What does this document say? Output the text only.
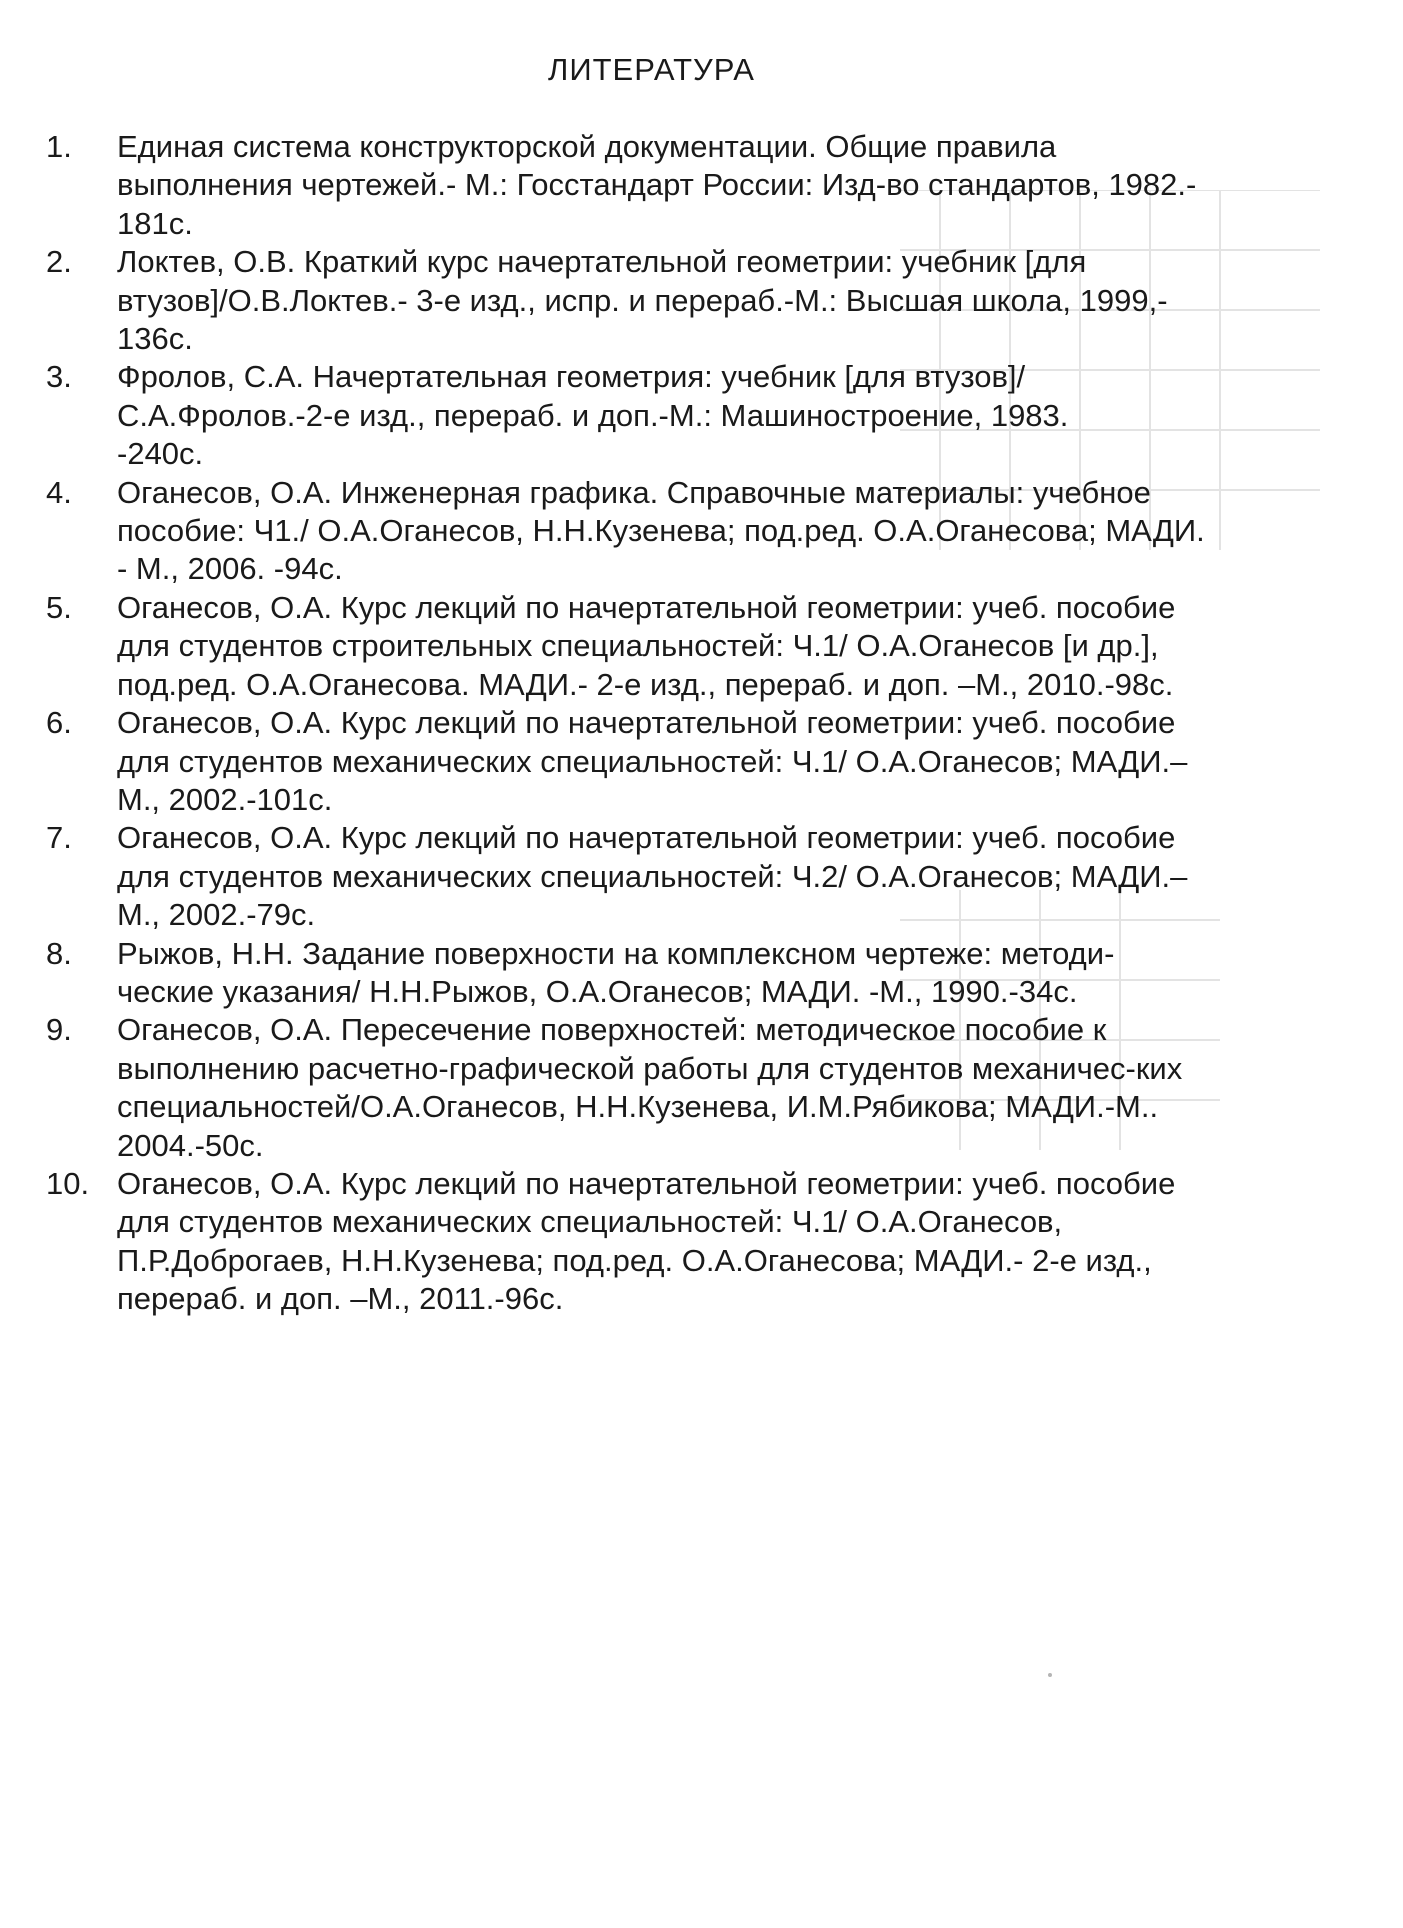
ЛИТЕРАТУРА
1.	Единая система конструкторской документации. Общие правила
выполнения чертежей.- М.: Госстандарт России: Изд-во стандартов, 1982.-
181с.
2.	Локтев, О.В. Краткий курс начертательной геометрии: учебник [для
втузов]/О.В.Локтев.- 3-е изд., испр. и перераб.-М.: Высшая школа, 1999,-
136с.
3.	Фролов, С.А. Начертательная геометрия: учебник [для втузов]/
С.А.Фролов.-2-е изд., перераб. и доп.-М.: Машиностроение, 1983.
-240с.
4.	Оганесов, О.А. Инженерная графика. Справочные материалы: учебное
пособие: Ч1./ О.А.Оганесов, Н.Н.Кузенева; под.ред. О.А.Оганесова; МАДИ.
- М., 2006. -94с.
5.	Оганесов, О.А. Курс лекций по начертательной геометрии: учеб. пособие
для студентов строительных специальностей: Ч.1/ О.А.Оганесов [и др.],
под.ред. О.А.Оганесова. МАДИ.- 2-е изд., перераб. и доп. –М., 2010.-98с.
6.	Оганесов, О.А. Курс лекций по начертательной геометрии: учеб. пособие
для студентов механических специальностей: Ч.1/ О.А.Оганесов; МАДИ.–
М., 2002.-101с.
7.	Оганесов, О.А. Курс лекций по начертательной геометрии: учеб. пособие
для студентов механических специальностей: Ч.2/ О.А.Оганесов; МАДИ.–
М., 2002.-79с.
8.	Рыжов, Н.Н. Задание поверхности на комплексном чертеже: методи-
ческие указания/ Н.Н.Рыжов, О.А.Оганесов; МАДИ. -М., 1990.-34с.
9.	Оганесов, О.А. Пересечение поверхностей: методическое пособие к
выполнению расчетно-графической работы для студентов механичес-ких
специальностей/О.А.Оганесов, Н.Н.Кузенева, И.М.Рябикова; МАДИ.-М..
2004.-50с.
10. Оганесов, О.А. Курс лекций по начертательной геометрии: учеб. пособие
для студентов механических специальностей: Ч.1/ О.А.Оганесов,
П.Р.Доброгаев, Н.Н.Кузенева; под.ред. О.А.Оганесова; МАДИ.- 2-е изд.,
перераб. и доп. –М., 2011.-96с.
